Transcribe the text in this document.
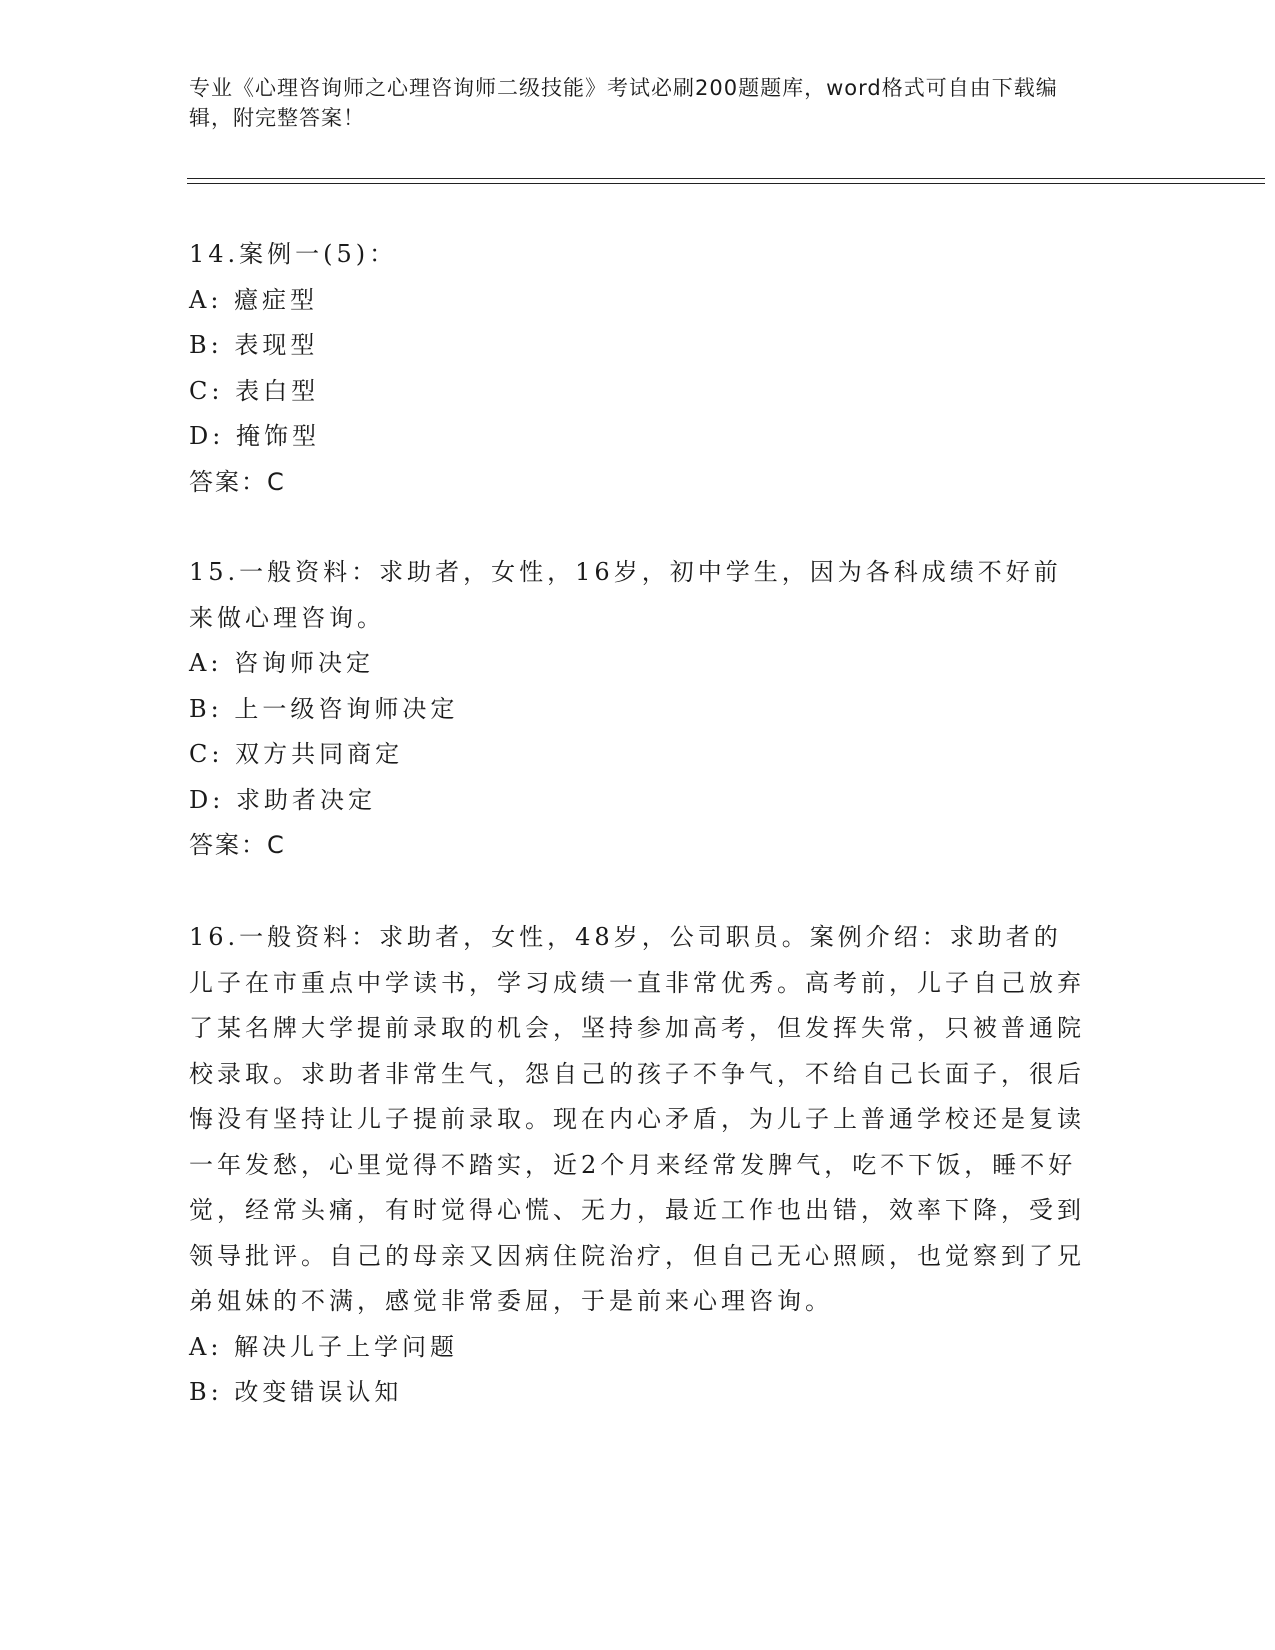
专业《心理咨询师之心理咨询师二级技能》考试必刷200题题库，word格式可自由下载编辑，附完整答案！

14.案例一(5)：

A: 癔症型

B: 表现型

C: 表白型

D: 掩饰型

答案：C

15.一般资料：求助者，女性，16岁，初中学生，因为各科成绩不好前来做心理咨询。

A: 咨询师决定

B: 上一级咨询师决定

C: 双方共同商定

D: 求助者决定

答案：C

16.一般资料：求助者，女性，48岁，公司职员。案例介绍：求助者的儿子在市重点中学读书，学习成绩一直非常优秀。高考前，儿子自己放弃了某名牌大学提前录取的机会，坚持参加高考，但发挥失常，只被普通院校录取。求助者非常生气，怨自己的孩子不争气，不给自己长面子，很后悔没有坚持让儿子提前录取。现在内心矛盾，为儿子上普通学校还是复读一年发愁，心里觉得不踏实，近2个月来经常发脾气，吃不下饭，睡不好觉，经常头痛，有时觉得心慌、无力，最近工作也出错，效率下降，受到领导批评。自己的母亲又因病住院治疗，但自己无心照顾，也觉察到了兄弟姐妹的不满，感觉非常委屈，于是前来心理咨询。

A: 解决儿子上学问题

B: 改变错误认知
